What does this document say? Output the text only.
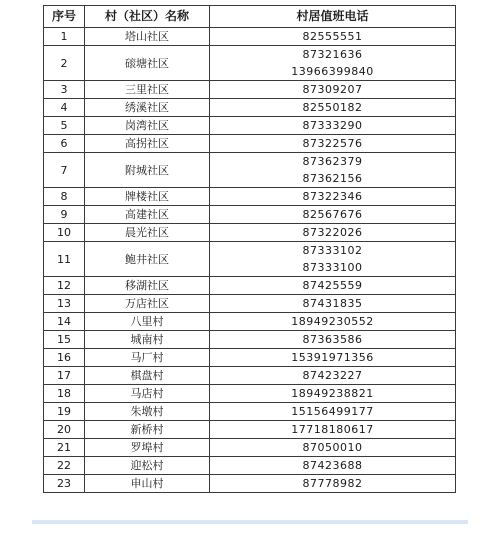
序号	村（社区）名称	村居值班电话
1	塔山社区	82555551

2	磙塘社区	87321636
13966399840

3	三里社区	87309207

4	绣溪社区	82550182

5	岗湾社区	87333290

6	高拐社区	87322576

7	附城社区	87362379
87362156

8	牌楼社区	87322346

9	高建社区	82567676

10	晨光社区	87322026

11	鲍井社区	87333102
87333100

12	移湖社区	87425559

13	万店社区	87431835

14	八里村	18949230552

15	城南村	87363586

16	马厂村	15391971356

17	棋盘村	87423227

18	马店村	18949238821

19	朱墩村	15156499177

20	新桥村	17718180617

21	罗埠村	87050010

22	迎松村	87423688

23	申山村	87778982
